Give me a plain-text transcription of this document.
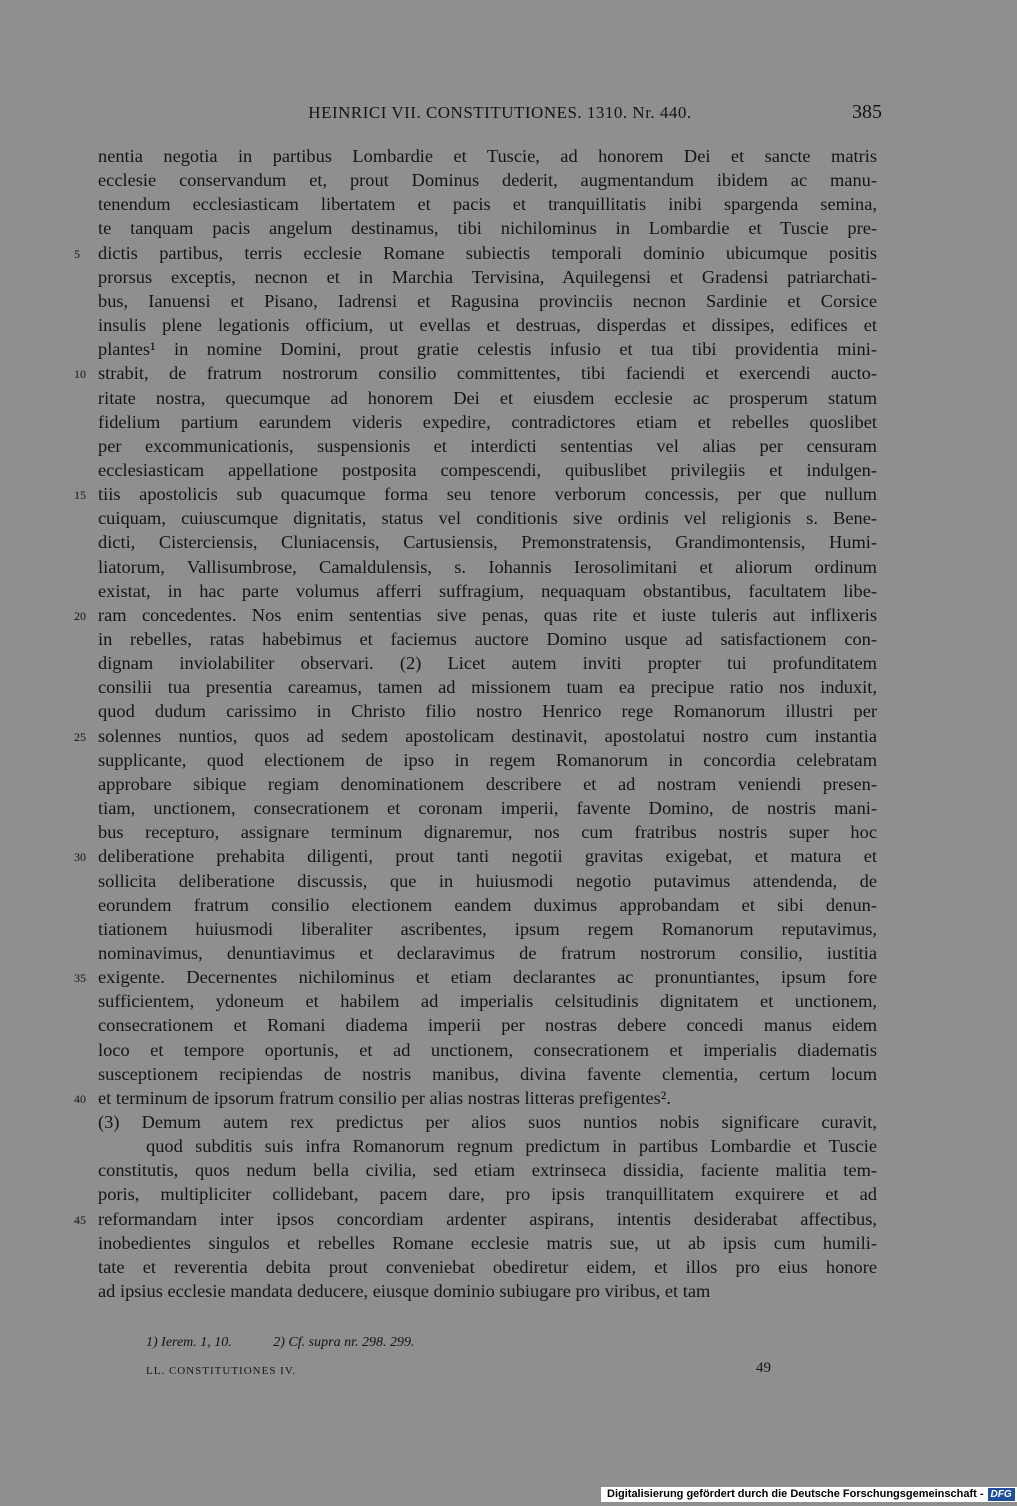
HEINRICI VII. CONSTITUTIONES. 1310. Nr. 440.	385
nentia negotia in partibus Lombardie et Tuscie, ad honorem Dei et sancte matris
ecclesie conservandum et, prout Dominus dederit, augmentandum ibidem ac manu-
tenendum ecclesiasticam libertatem et pacis et tranquillitatis inibi spargenda semina,
te tanquam pacis angelum destinamus, tibi nichilominus in Lombardie et Tuscie pre-
dictis partibus, terris ecclesie Romane subiectis temporali dominio ubicumque positis
prorsus exceptis, necnon et in Marchia Tervisina, Aquilegensi et Gradensi patriarchati-
bus, Ianuensi et Pisano, Iadrensi et Ragusina provinciis necnon Sardinie et Corsice
insulis plene legationis officium, ut evellas et destruas, disperdas et dissipes, edifices et
plantes¹ in nomine Domini, prout gratie celestis infusio et tua tibi providentia mini-
strabit, de fratrum nostrorum consilio committentes, tibi faciendi et exercendi aucto-
ritate nostra, quecumque ad honorem Dei et eiusdem ecclesie ac prosperum statum
fidelium partium earundem videris expedire, contradictores etiam et rebelles quoslibet
per excommunicationis, suspensionis et interdicti sententias vel alias per censuram
ecclesiasticam appellatione postposita compescendi, quibuslibet privilegiis et indulgen-
tiis apostolicis sub quacumque forma seu tenore verborum concessis, per que nullum
cuiquam, cuiuscumque dignitatis, status vel conditionis sive ordinis vel religionis s. Bene-
dicti, Cisterciensis, Cluniacensis, Cartusiensis, Premonstratensis, Grandimontensis, Humi-
liatorum, Vallisumbrose, Camaldulensis, s. Iohannis Ierosolimitani et aliorum ordinum
existat, in hac parte volumus afferri suffragium, nequaquam obstantibus, facultatem libe-
ram concedentes. Nos enim sententias sive penas, quas rite et iuste tuleris aut inflixeris
in rebelles, ratas habebimus et faciemus auctore Domino usque ad satisfactionem con-
dignam inviolabiliter observari. (2) Licet autem inviti propter tui profunditatem
consilii tua presentia careamus, tamen ad missionem tuam ea precipue ratio nos induxit,
quod dudum carissimo in Christo filio nostro Henrico rege Romanorum illustri per
solennes nuntios, quos ad sedem apostolicam destinavit, apostolatui nostro cum instantia
supplicante, quod electionem de ipso in regem Romanorum in concordia celebratam
approbare sibique regiam denominationem describere et ad nostram veniendi presen-
tiam, unctionem, consecrationem et coronam imperii, favente Domino, de nostris mani-
bus recepturo, assignare terminum dignaremur, nos cum fratribus nostris super hoc
deliberatione prehabita diligenti, prout tanti negotii gravitas exigebat, et matura et
sollicita deliberatione discussis, que in huiusmodi negotio putavimus attendenda, de
eorundem fratrum consilio electionem eandem duximus approbandam et sibi denun-
tiationem huiusmodi liberaliter ascribentes, ipsum regem Romanorum reputavimus,
nominavimus, denuntiavimus et declaravimus de fratrum nostrorum consilio, iustitia
exigente. Decernentes nichilominus et etiam declarantes ac pronuntiantes, ipsum fore
sufficientem, ydoneum et habilem ad imperialis celsitudinis dignitatem et unctionem,
consecrationem et Romani diadema imperii per nostras debere concedi manus eidem
loco et tempore oportunis, et ad unctionem, consecrationem et imperialis diadematis
susceptionem recipiendas de nostris manibus, divina favente clementia, certum locum
et terminum de ipsorum fratrum consilio per alias nostras litteras prefigentes².
(3) Demum autem rex predictus per alios suos nuntios nobis significare curavit,
quod subditis suis infra Romanorum regnum predictum in partibus Lombardie et Tuscie
constitutis, quos nedum bella civilia, sed etiam extrinseca dissidia, faciente malitia tem-
poris, multipliciter collidebant, pacem dare, pro ipsis tranquillitatem exquirere et ad
reformandam inter ipsos concordiam ardenter aspirans, intentis desiderabat affectibus,
inobedientes singulos et rebelles Romane ecclesie matris sue, ut ab ipsis cum humili-
tate et reverentia debita prout conveniebat obediretur eidem, et illos pro eius honore
ad ipsius ecclesie mandata deducere, eiusque dominio subiugare pro viribus, et tam
5
10
15
20
25
30
35
40
45
1) Ierem. 1, 10.	2) Cf. supra nr. 298. 299.
LL. CONSTITUTIONES IV.	49
Digitalisierung gefördert durch die Deutsche Forschungsgemeinschaft - DFG
